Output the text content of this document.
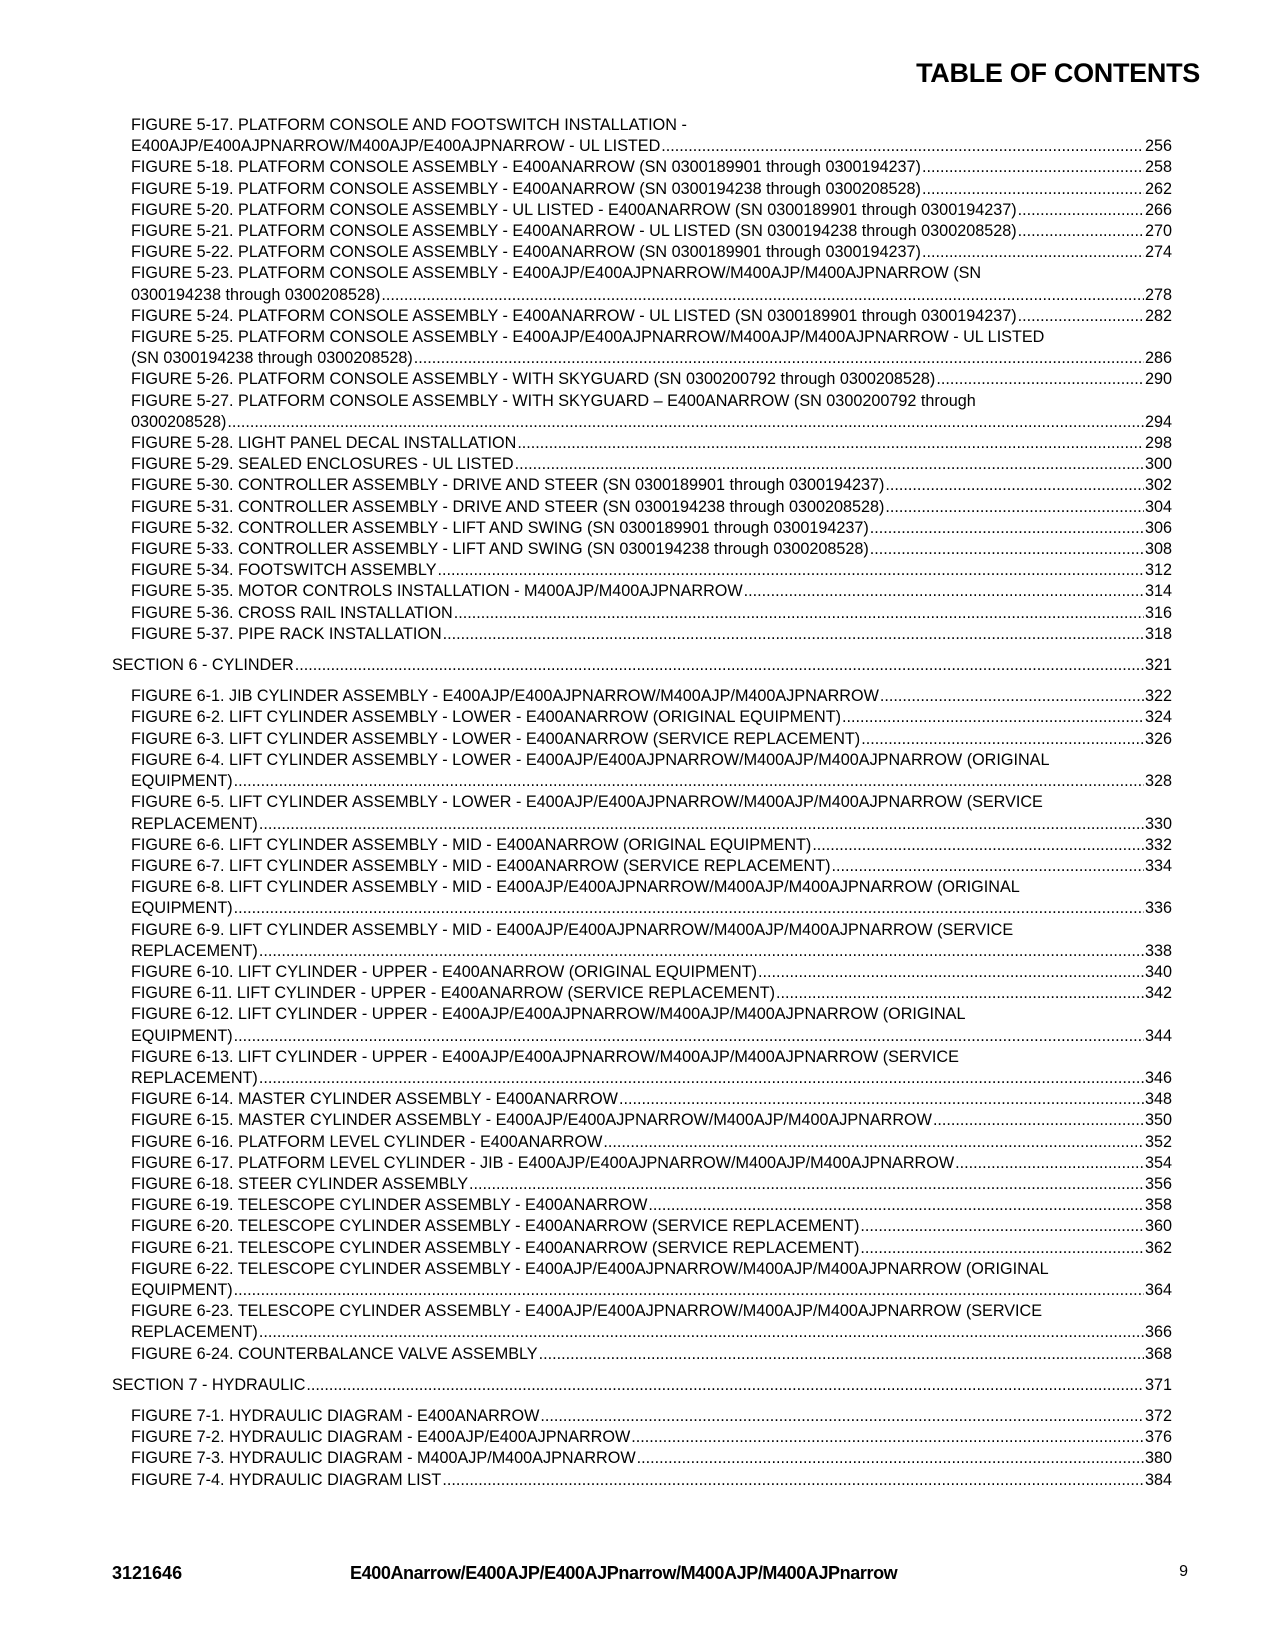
TABLE OF CONTENTS
FIGURE 5-17. PLATFORM CONSOLE AND FOOTSWITCH INSTALLATION -
E400AJP/E400AJPNARROW/M400AJP/E400AJPNARROW - UL LISTED .....	256
FIGURE 5-18. PLATFORM CONSOLE ASSEMBLY - E400ANARROW (SN 0300189901 through 0300194237) .....	258
FIGURE 5-19. PLATFORM CONSOLE ASSEMBLY - E400ANARROW (SN 0300194238 through 0300208528) .....	262
FIGURE 5-20. PLATFORM CONSOLE ASSEMBLY - UL LISTED - E400ANARROW (SN 0300189901 through 0300194237) .....	266
FIGURE 5-21. PLATFORM CONSOLE ASSEMBLY - E400ANARROW - UL LISTED (SN 0300194238 through 0300208528) .....	270
FIGURE 5-22. PLATFORM CONSOLE ASSEMBLY - E400ANARROW (SN 0300189901 through 0300194237) .....	274
FIGURE 5-23. PLATFORM CONSOLE ASSEMBLY - E400AJP/E400AJPNARROW/M400AJP/M400AJPNARROW (SN
0300194238 through 0300208528) .....	278
FIGURE 5-24. PLATFORM CONSOLE ASSEMBLY - E400ANARROW - UL LISTED (SN 0300189901 through 0300194237) .....	282
FIGURE 5-25. PLATFORM CONSOLE ASSEMBLY - E400AJP/E400AJPNARROW/M400AJP/M400AJPNARROW - UL LISTED
(SN 0300194238 through 0300208528) .....	286
FIGURE 5-26. PLATFORM CONSOLE ASSEMBLY - WITH SKYGUARD (SN 0300200792 through 0300208528) .....	290
FIGURE 5-27. PLATFORM CONSOLE ASSEMBLY - WITH SKYGUARD – E400ANARROW (SN 0300200792 through
0300208528) .....	294
FIGURE 5-28. LIGHT PANEL DECAL INSTALLATION .....	298
FIGURE 5-29. SEALED ENCLOSURES - UL LISTED .....	300
FIGURE 5-30. CONTROLLER ASSEMBLY - DRIVE AND STEER (SN 0300189901 through 0300194237) .....	302
FIGURE 5-31. CONTROLLER ASSEMBLY - DRIVE AND STEER (SN 0300194238 through 0300208528) .....	304
FIGURE 5-32. CONTROLLER ASSEMBLY - LIFT AND SWING (SN 0300189901 through 0300194237) .....	306
FIGURE 5-33. CONTROLLER ASSEMBLY - LIFT AND SWING (SN 0300194238 through 0300208528) .....	308
FIGURE 5-34. FOOTSWITCH ASSEMBLY .....	312
FIGURE 5-35. MOTOR CONTROLS INSTALLATION - M400AJP/M400AJPNARROW .....	314
FIGURE 5-36. CROSS RAIL INSTALLATION .....	316
FIGURE 5-37. PIPE RACK INSTALLATION .....	318
SECTION 6 - CYLINDER .....	321
FIGURE 6-1. JIB CYLINDER ASSEMBLY - E400AJP/E400AJPNARROW/M400AJP/M400AJPNARROW .....	322
FIGURE 6-2. LIFT CYLINDER ASSEMBLY - LOWER - E400ANARROW (ORIGINAL EQUIPMENT) .....	324
FIGURE 6-3. LIFT CYLINDER ASSEMBLY - LOWER - E400ANARROW (SERVICE REPLACEMENT) .....	326
FIGURE 6-4. LIFT CYLINDER ASSEMBLY - LOWER - E400AJP/E400AJPNARROW/M400AJP/M400AJPNARROW (ORIGINAL
EQUIPMENT) .....	328
FIGURE 6-5. LIFT CYLINDER ASSEMBLY - LOWER - E400AJP/E400AJPNARROW/M400AJP/M400AJPNARROW (SERVICE
REPLACEMENT) .....	330
FIGURE 6-6. LIFT CYLINDER ASSEMBLY - MID - E400ANARROW (ORIGINAL EQUIPMENT) .....	332
FIGURE 6-7. LIFT CYLINDER ASSEMBLY - MID - E400ANARROW (SERVICE REPLACEMENT) .....	334
FIGURE 6-8. LIFT CYLINDER ASSEMBLY - MID - E400AJP/E400AJPNARROW/M400AJP/M400AJPNARROW (ORIGINAL
EQUIPMENT) .....	336
FIGURE 6-9. LIFT CYLINDER ASSEMBLY - MID - E400AJP/E400AJPNARROW/M400AJP/M400AJPNARROW (SERVICE
REPLACEMENT) .....	338
FIGURE 6-10. LIFT CYLINDER - UPPER - E400ANARROW (ORIGINAL EQUIPMENT) .....	340
FIGURE 6-11. LIFT CYLINDER - UPPER - E400ANARROW (SERVICE REPLACEMENT) .....	342
FIGURE 6-12. LIFT CYLINDER - UPPER - E400AJP/E400AJPNARROW/M400AJP/M400AJPNARROW (ORIGINAL
EQUIPMENT) .....	344
FIGURE 6-13. LIFT CYLINDER - UPPER - E400AJP/E400AJPNARROW/M400AJP/M400AJPNARROW (SERVICE
REPLACEMENT) .....	346
FIGURE 6-14. MASTER CYLINDER ASSEMBLY - E400ANARROW .....	348
FIGURE 6-15. MASTER CYLINDER ASSEMBLY - E400AJP/E400AJPNARROW/M400AJP/M400AJPNARROW .....	350
FIGURE 6-16. PLATFORM LEVEL CYLINDER - E400ANARROW .....	352
FIGURE 6-17. PLATFORM LEVEL CYLINDER - JIB - E400AJP/E400AJPNARROW/M400AJP/M400AJPNARROW .....	354
FIGURE 6-18. STEER CYLINDER ASSEMBLY .....	356
FIGURE 6-19. TELESCOPE CYLINDER ASSEMBLY - E400ANARROW .....	358
FIGURE 6-20. TELESCOPE CYLINDER ASSEMBLY - E400ANARROW (SERVICE REPLACEMENT) .....	360
FIGURE 6-21. TELESCOPE CYLINDER ASSEMBLY - E400ANARROW (SERVICE REPLACEMENT) .....	362
FIGURE 6-22. TELESCOPE CYLINDER ASSEMBLY - E400AJP/E400AJPNARROW/M400AJP/M400AJPNARROW (ORIGINAL
EQUIPMENT) .....	364
FIGURE 6-23. TELESCOPE CYLINDER ASSEMBLY - E400AJP/E400AJPNARROW/M400AJP/M400AJPNARROW (SERVICE
REPLACEMENT) .....	366
FIGURE 6-24. COUNTERBALANCE VALVE ASSEMBLY .....	368
SECTION 7 - HYDRAULIC .....	371
FIGURE 7-1. HYDRAULIC DIAGRAM - E400ANARROW .....	372
FIGURE 7-2. HYDRAULIC DIAGRAM - E400AJP/E400AJPNARROW .....	376
FIGURE 7-3. HYDRAULIC DIAGRAM - M400AJP/M400AJPNARROW .....	380
FIGURE 7-4. HYDRAULIC DIAGRAM LIST .....	384
3121646	E400Anarrow/E400AJP/E400AJPnarrow/M400AJP/M400AJPnarrow	9
